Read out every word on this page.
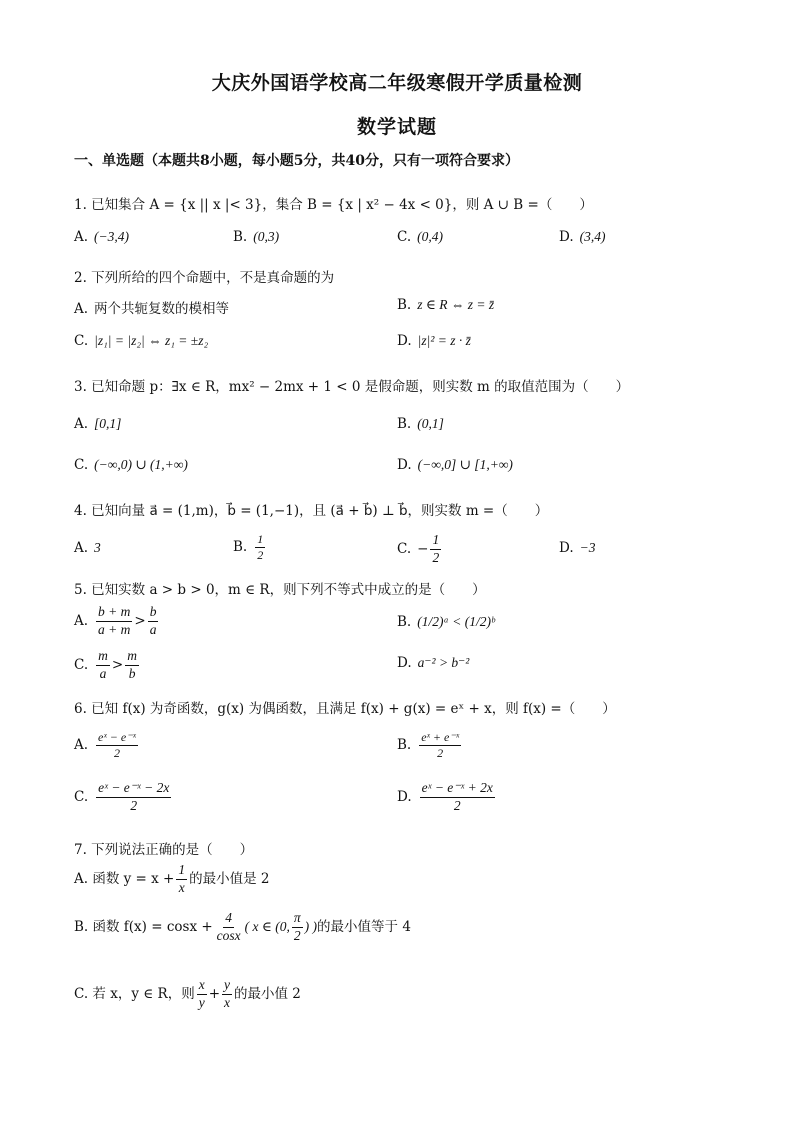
大庆外国语学校高二年级寒假开学质量检测
数学试题
一、单选题（本题共8小题，每小题5分，共40分，只有一项符合要求）
1. 已知集合 A = {x || x |< 3}，集合 B = {x | x² − 4x < 0}，则 A ∪ B =（　　）
A. (−3,4)	B. (0,3)	C. (0,4)	D. (3,4)
2. 下列所给的四个命题中，不是真命题的为
A. 两个共轭复数的模相等	B. z ∈ R ⇔ z = z̄
C. |z₁| = |z₂| ⇔ z₁ = ±z₂	D. |z|² = z · z̄
3. 已知命题 p：∃x ∈ R，mx² − 2mx + 1 < 0 是假命题，则实数 m 的取值范围为（　　）
A. [0,1]	B. (0,1]
C. (−∞,0) ∪ (1,+∞)	D. (−∞,0] ∪ [1,+∞)
4. 已知向量 a⃗ = (1,m)，b⃗ = (1,−1)，且 (a⃗ + b⃗) ⊥ b⃗，则实数 m =（　　）
A. 3	B. $\frac{1}{2}$	C. − $\frac{1}{2}$	D. −3
5. 已知实数 a > b > 0，m ∈ R，则下列不等式中成立的是（　　）
A. $\frac{b + m}{a + m} > \frac{b}{a}$	B. (1/2)ᵃ < (1/2)ᵇ
C. $\frac{m}{a} > \frac{m}{b}$	D. a⁻² > b⁻²
6. 已知 f(x) 为奇函数，g(x) 为偶函数，且满足 f(x) + g(x) = eˣ + x，则 f(x) =（　　）
A. $\frac{\text{eˣ − e⁻ˣ}}{2}$	B. $\frac{\text{eˣ + e⁻ˣ}}{2}$
C. $\frac{\text{eˣ − e⁻ˣ − 2x}}{2}$	D. $\frac{\text{eˣ − e⁻ˣ + 2x}}{2}$
7. 下列说法正确的是（　　）
A. 函数 $y = x + \frac{1}{x}$ 的最小值是 2
B. 函数 $f(x) = \cos x + \frac{4}{\cos x}$ ( x ∈ (0, $\frac{\pi}{2}$ ) )的最小值等于 4
C. 若 x，y ∈ R，则 $\frac{x}{y} + \frac{y}{x}$ 的最小值 2
